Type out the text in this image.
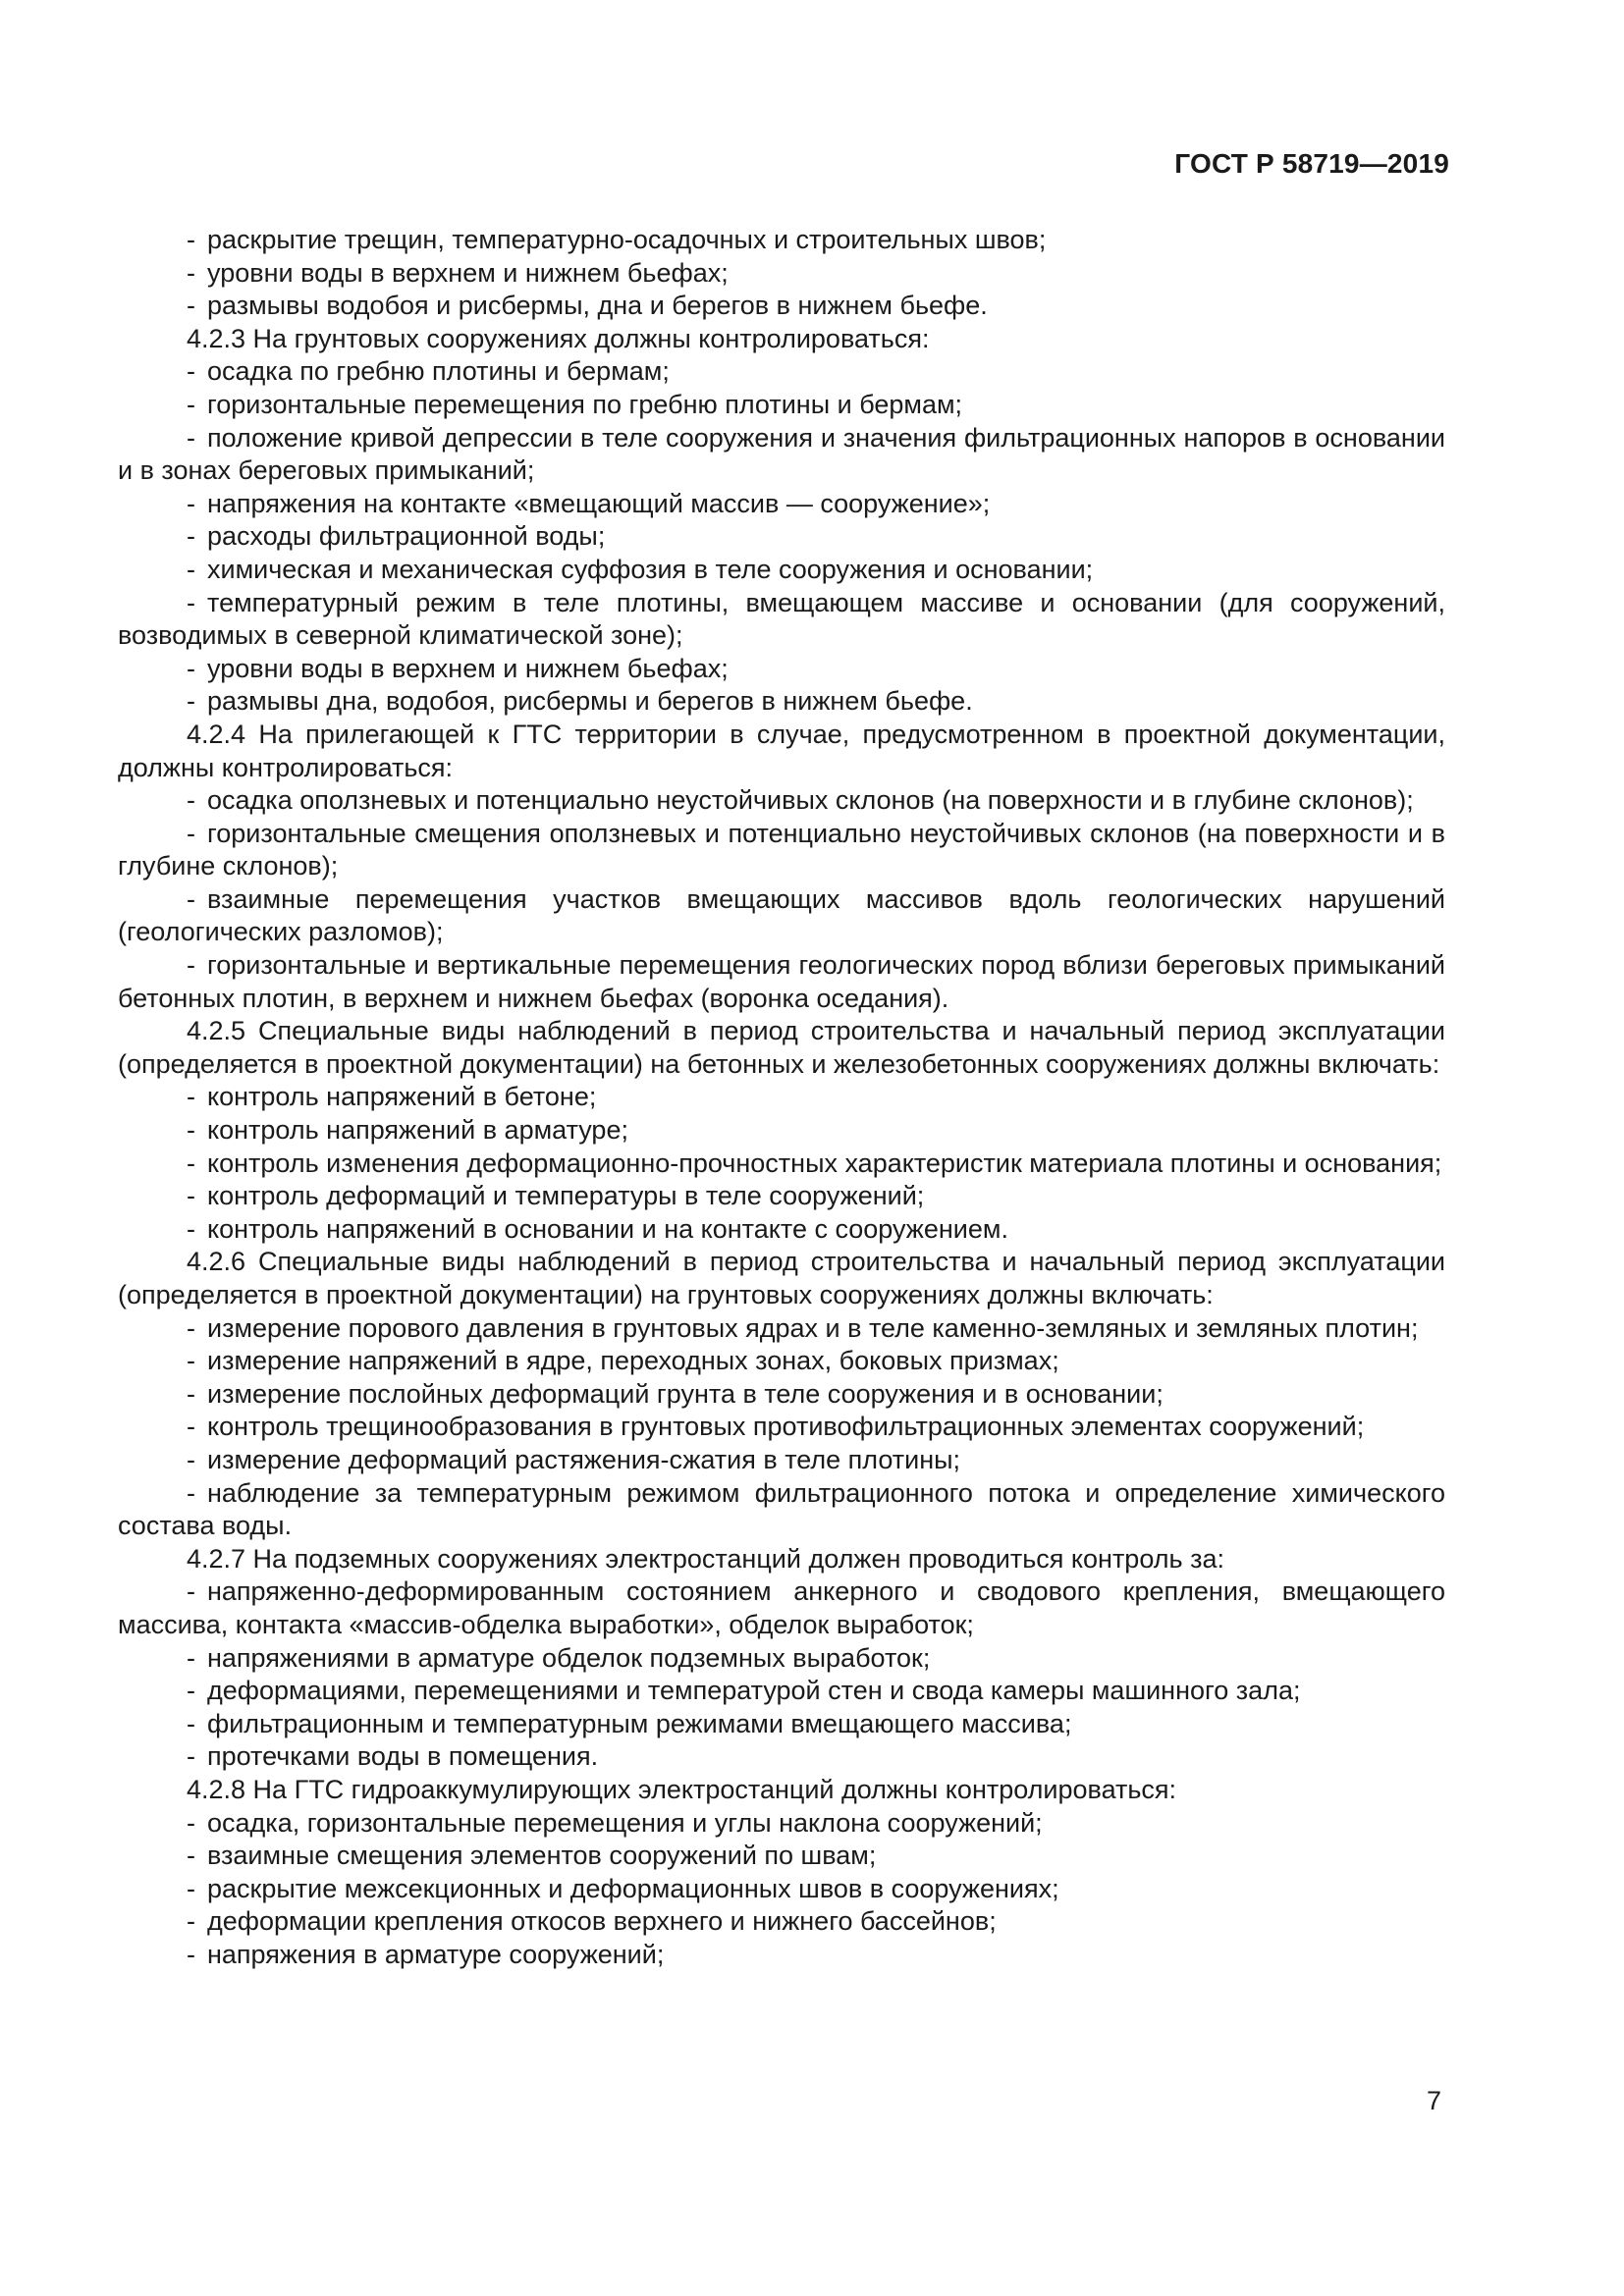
ГОСТ Р 58719—2019

- раскрытие трещин, температурно-осадочных и строительных швов;

- уровни воды в верхнем и нижнем бьефах;

- размывы водобоя и рисбермы, дна и берегов в нижнем бьефе.

4.2.3 На грунтовых сооружениях должны контролироваться:

- осадка по гребню плотины и бермам;

- горизонтальные перемещения по гребню плотины и бермам;

- положение кривой депрессии в теле сооружения и значения фильтрационных напоров в основании и в зонах береговых примыканий;

- напряжения на контакте «вмещающий массив — сооружение»;

- расходы фильтрационной воды;

- химическая и механическая суффозия в теле сооружения и основании;

- температурный режим в теле плотины, вмещающем массиве и основании (для сооружений, возводимых в северной климатической зоне);

- уровни воды в верхнем и нижнем бьефах;

- размывы дна, водобоя, рисбермы и берегов в нижнем бьефе.

4.2.4 На прилегающей к ГТС территории в случае, предусмотренном в проектной документации, должны контролироваться:

- осадка оползневых и потенциально неустойчивых склонов (на поверхности и в глубине склонов);

- горизонтальные смещения оползневых и потенциально неустойчивых склонов (на поверхности и в глубине склонов);

- взаимные перемещения участков вмещающих массивов вдоль геологических нарушений (геологических разломов);

- горизонтальные и вертикальные перемещения геологических пород вблизи береговых примыканий бетонных плотин, в верхнем и нижнем бьефах (воронка оседания).

4.2.5 Специальные виды наблюдений в период строительства и начальный период эксплуатации (определяется в проектной документации) на бетонных и железобетонных сооружениях должны включать:

- контроль напряжений в бетоне;

- контроль напряжений в арматуре;

- контроль изменения деформационно-прочностных характеристик материала плотины и основания;

- контроль деформаций и температуры в теле сооружений;

- контроль напряжений в основании и на контакте с сооружением.

4.2.6 Специальные виды наблюдений в период строительства и начальный период эксплуатации (определяется в проектной документации) на грунтовых сооружениях должны включать:

- измерение порового давления в грунтовых ядрах и в теле каменно-земляных и земляных плотин;

- измерение напряжений в ядре, переходных зонах, боковых призмах;

- измерение послойных деформаций грунта в теле сооружения и в основании;

- контроль трещинообразования в грунтовых противофильтрационных элементах сооружений;

- измерение деформаций растяжения-сжатия в теле плотины;

- наблюдение за температурным режимом фильтрационного потока и определение химического состава воды.

4.2.7 На подземных сооружениях электростанций должен проводиться контроль за:

- напряженно-деформированным состоянием анкерного и сводового крепления, вмещающего массива, контакта «массив-обделка выработки», обделок выработок;

- напряжениями в арматуре обделок подземных выработок;

- деформациями, перемещениями и температурой стен и свода камеры машинного зала;

- фильтрационным и температурным режимами вмещающего массива;

- протечками воды в помещения.

4.2.8 На ГТС гидроаккумулирующих электростанций должны контролироваться:

- осадка, горизонтальные перемещения и углы наклона сооружений;

- взаимные смещения элементов сооружений по швам;

- раскрытие межсекционных и деформационных швов в сооружениях;

- деформации крепления откосов верхнего и нижнего бассейнов;

- напряжения в арматуре сооружений;

7
